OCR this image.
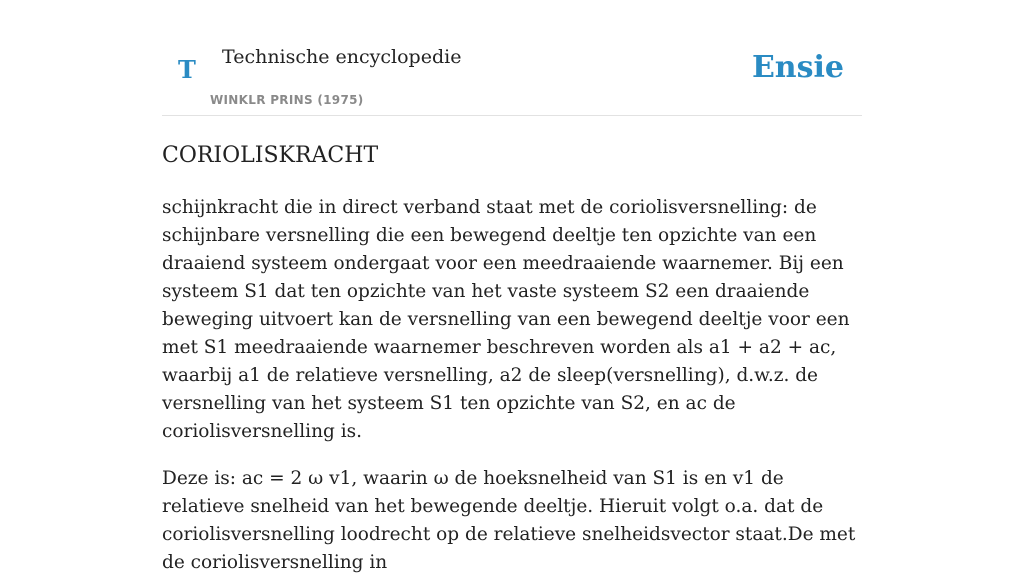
T Technische encyclopedie
WINKLR PRINS (1975)
Ensie
CORIOLISKRACHT

schijnkracht die in direct verband staat met de coriolisversnelling: de schijnbare versnelling die een bewegend deeltje ten opzichte van een draaiend systeem ondergaat voor een meedraaiende waarnemer. Bij een systeem S1 dat ten opzichte van het vaste systeem S2 een draaiende beweging uitvoert kan de versnelling van een bewegend deeltje voor een met S1 meedraaiende waarnemer beschreven worden als a1 + a2 + ac, waarbij a1 de relatieve versnelling, a2 de sleep(versnelling), d.w.z. de versnelling van het systeem S1 ten opzichte van S2, en ac de coriolisversnelling is.

Deze is: ac = 2 ω v1, waarin ω de hoeksnelheid van S1 is en v1 de relatieve snelheid van het bewegende deeltje. Hieruit volgt o.a. dat de coriolisversnelling loodrecht op de relatieve snelheidsvector staat.De met de coriolisversnelling in
